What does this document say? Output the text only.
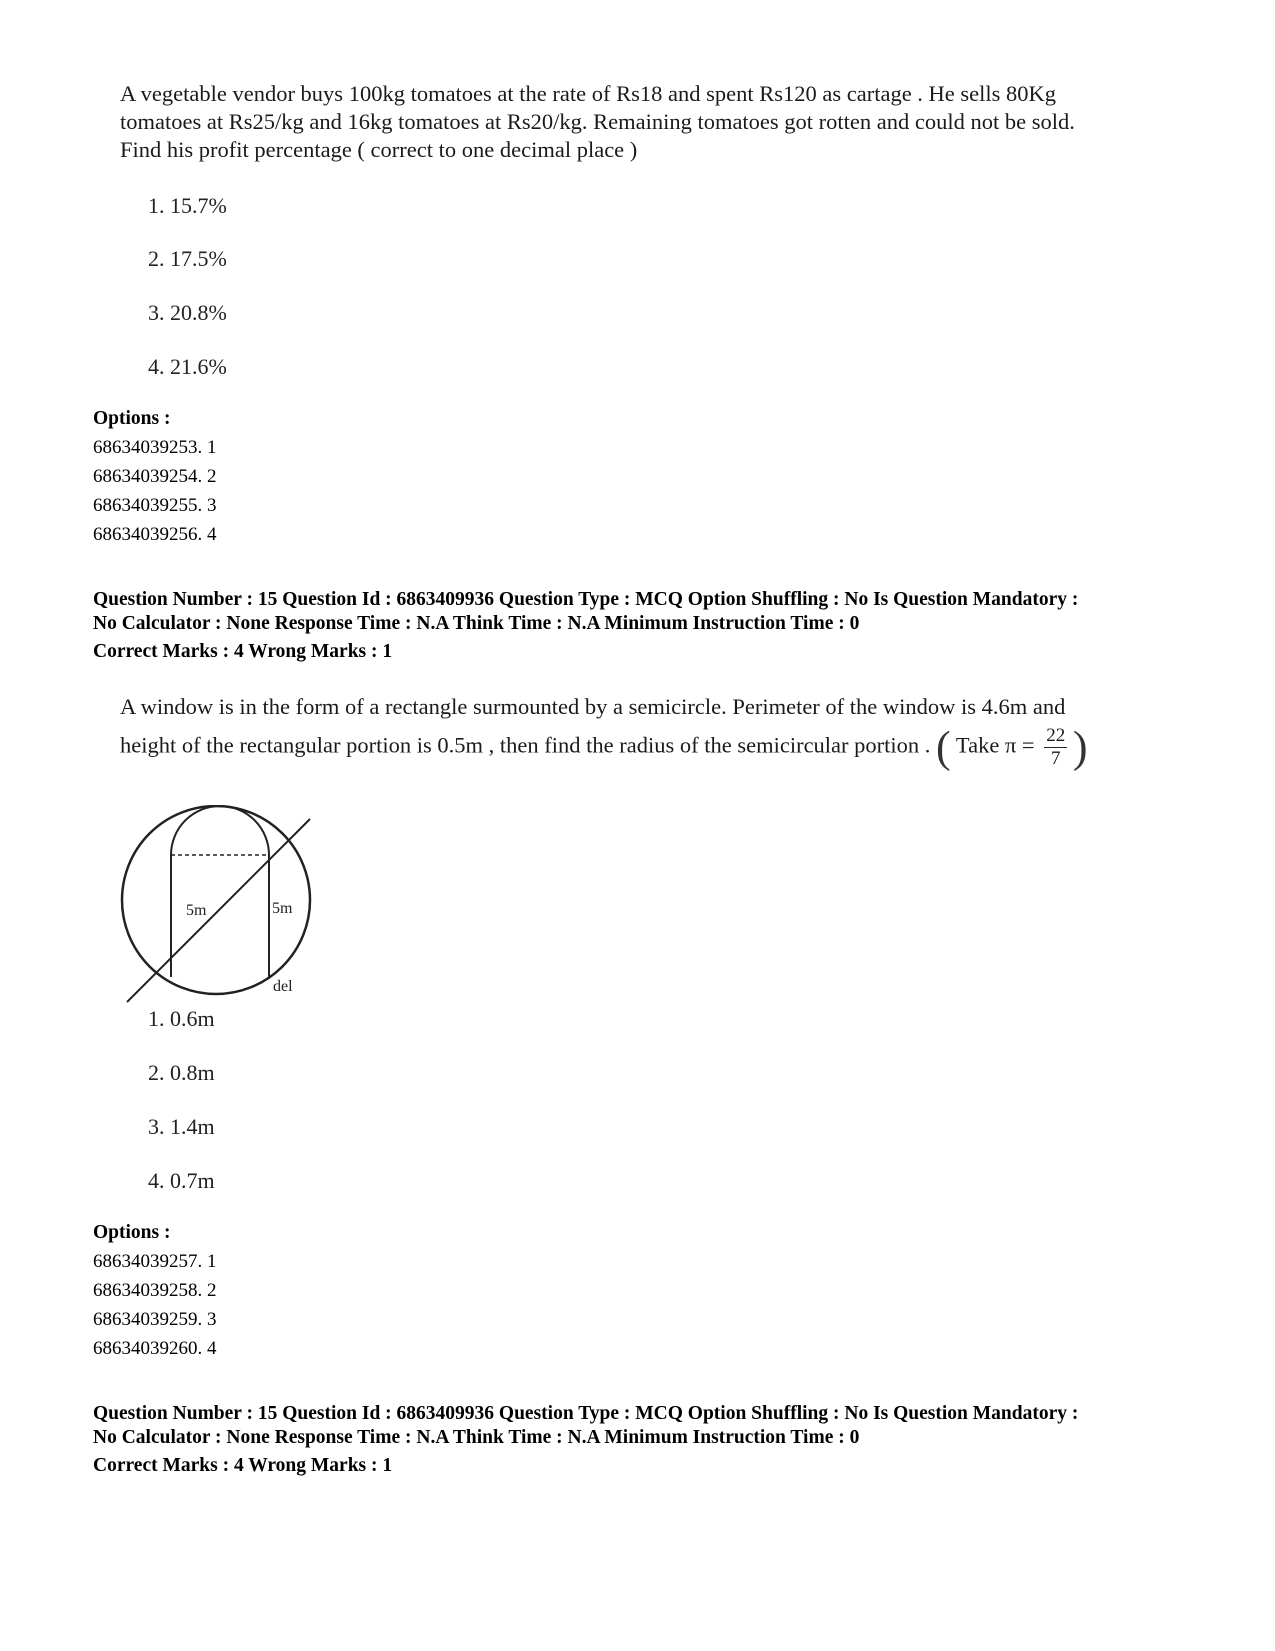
A vegetable vendor buys 100kg tomatoes at the rate of Rs18 and spent Rs120 as cartage . He sells 80Kg
tomatoes at Rs25/kg and 16kg tomatoes at Rs20/kg. Remaining tomatoes got rotten and could not be sold.
Find his profit percentage ( correct to one decimal place )
1. 15.7%
2. 17.5%
3. 20.8%
4. 21.6%
Options :
68634039253. 1
68634039254. 2
68634039255. 3
68634039256. 4
Question Number : 15 Question Id : 6863409936 Question Type : MCQ Option Shuffling : No Is Question Mandatory :
No Calculator : None Response Time : N.A Think Time : N.A Minimum Instruction Time : 0
Correct Marks : 4 Wrong Marks : 1
A window is in the form of a rectangle surmounted by a semicircle. Perimeter of the window is 4.6m and
height of the rectangular portion is 0.5m , then find the radius of the semicircular portion . ( Take $\pi = \frac{22}{7}$ )
5m	5m
del
1. 0.6m
2. 0.8m
3. 1.4m
4. 0.7m
Options :
68634039257. 1
68634039258. 2
68634039259. 3
68634039260. 4
Question Number : 15 Question Id : 6863409936 Question Type : MCQ Option Shuffling : No Is Question Mandatory :
No Calculator : None Response Time : N.A Think Time : N.A Minimum Instruction Time : 0
Correct Marks : 4 Wrong Marks : 1
